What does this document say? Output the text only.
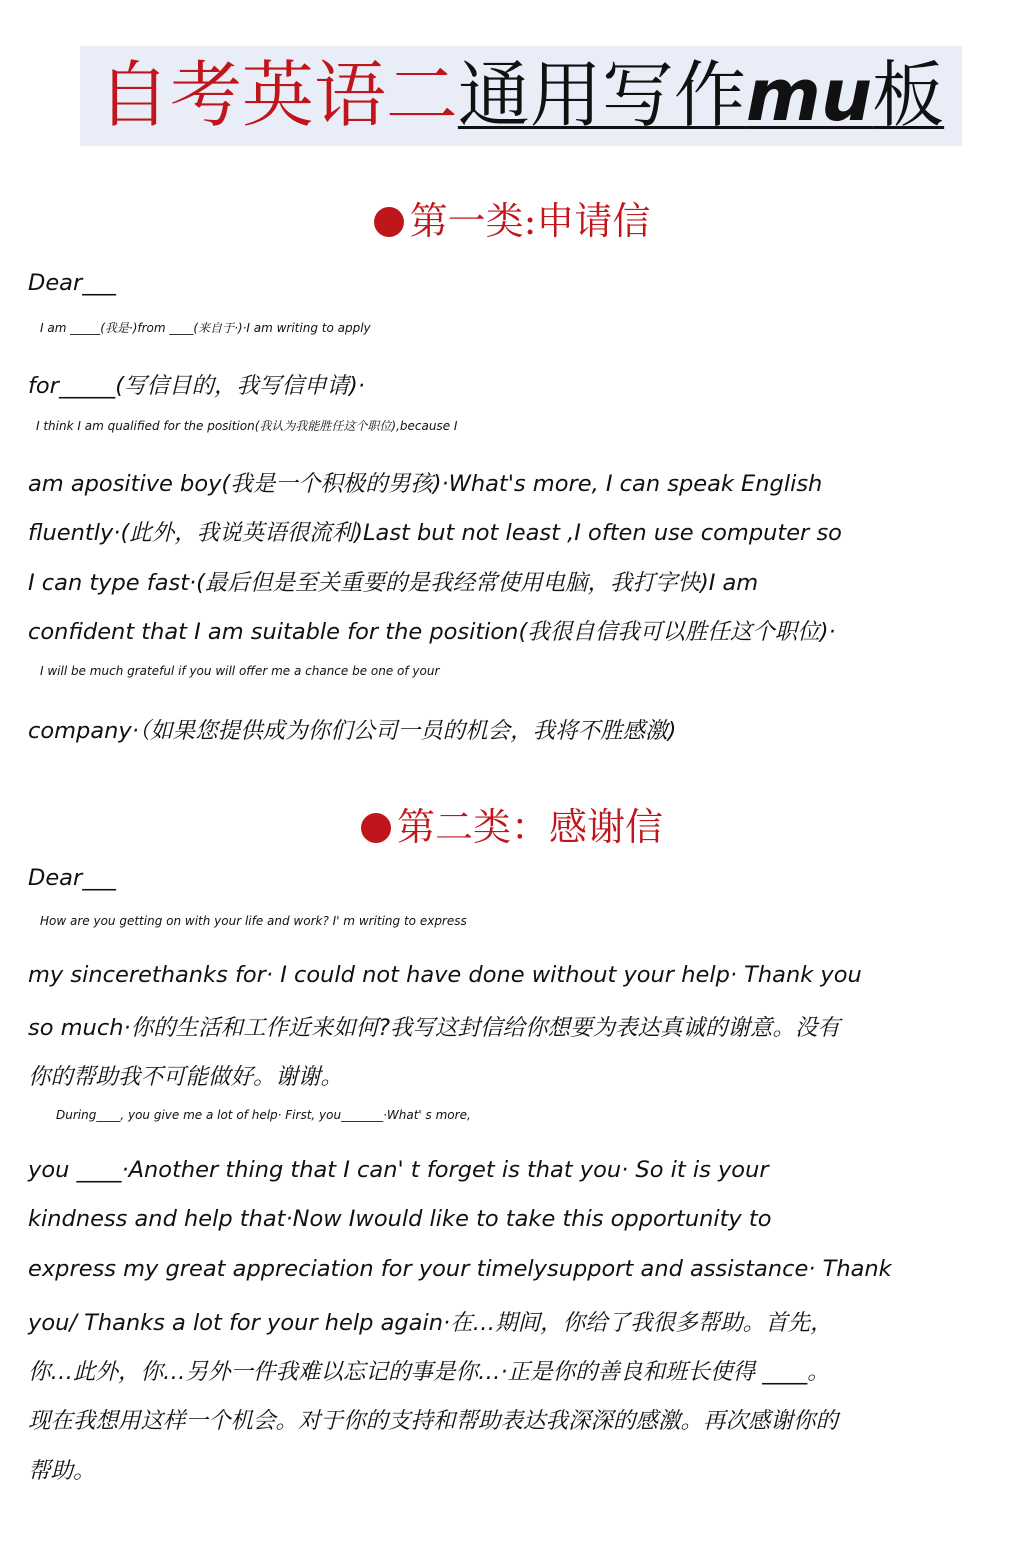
自考英语二通用写作mu板
第一类:申请信
Dear___
I am _____(我是·)from ____(来自于·)·I am writing to apply
for_____(写信目的，我写信申请)·
I think I am qualified for the position(我认为我能胜任这个职位),because I
am apositive boy(我是一个积极的男孩)·What's more, I can speak English
fluently·(此外，我说英语很流利)Last but not least ,I often use computer so
I can type fast·(最后但是至关重要的是我经常使用电脑，我打字快)I am
confident that I am suitable for the position(我很自信我可以胜任这个职位)·
I will be much grateful if you will offer me a chance be one of your
company·（如果您提供成为你们公司一员的机会，我将不胜感激)
第二类：感谢信
Dear___
How are you getting on with your life and work? I' m writing to express
my sincerethanks for· I could not have done without your help· Thank you
so much·你的生活和工作近来如何?我写这封信给你想要为表达真诚的谢意。没有
你的帮助我不可能做好。谢谢。
During____, you give me a lot of help· First, you_______·What' s more,
you ____·Another thing that I can' t forget is that you· So it is your
kindness and help that·Now Iwould like to take this opportunity to
express my great appreciation for your timelysupport and assistance· Thank
you/ Thanks a lot for your help again·在…期间，你给了我很多帮助。首先，
你…此外，你…另外一件我难以忘记的事是你…·正是你的善良和班长使得 ____。
现在我想用这样一个机会。对于你的支持和帮助表达我深深的感激。再次感谢你的
帮助。
